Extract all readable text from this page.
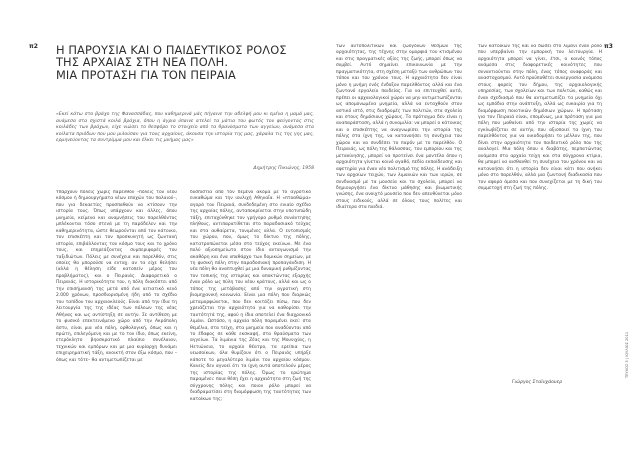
π2	π3
Η ΠΑΡΟΥΣΙΑ ΚΑΙ Ο ΠΑΙΔΕΥΤΙΚΟΣ ΡΟΛΟΣ
ΤΗΣ ΑΡΧΑΙΑΣ ΣΤΗ ΝΕΑ ΠΟΛΗ.
ΜΙΑ ΠΡΟΤΑΣΗ ΓΙΑ ΤΟΝ ΠΕΙΡΑΙΑ
«Εκεί κάτω στο βράχο της Φανασσάδας, που καθημερινά μάς πήγαινε την αδελφή μου κι εμένα η μαμά μας, ανάμεσα στα σχιστά κοιλά βράχια, όπου η άγρια ύπαινε ατελεί τα μάτια του φωτός του φεύγοντας στις κοιλάδες των βράχων, είχε νιώσει το θεσφόρο το στοιχείο από τα θρανύσματα των αγγείων, ανάμεσα στα κοίλατα πριόδων που μου μιλούσαν για τους αρχαίους, άκουσα την ιστορία της μας, χάραλα τις της γης μας, ερμηνεύοντας τα συντρίμμα μου και έλκει τις μνήμας μας»
Δημήτρης Πικιώνης, 1958

Υπάρχουν πόλεις χωρίς παρελθόν –πόλεις του νέου κόσμου ή δημιουργήματα νέων εποχών του παλαιού–, που για δεκαετίες προσπαθούν να κτίσουν την ιστορία τους. Όπως υπάρχουν και άλλες, όπου μνημεία, κείμενα και αναμνήσεις του παρελθόντος μπλέκονται τόσο στενά με τη παρόδελεν και την καθημερινότητα, ώστε θεωρούνται από τον κάτοικο, τον επισκέπτη και τον προσκυνητή ως ζωντανή ιστορία, επιβάλλοντας τον κόσμο τους και το χρόνο τους, και επηρεάζοντας συμπεριφορές του ταξιδιώτων. Πόλεις με συνέχεια και παρελθόν, στις οποίες θα μπορούσε να ενταχ. αν τα είχε θελήσει (αλλά η θέληση είδε κατοπείν μέρος του προβλήματος), και ο Πειραιάς. Διαφορετικά ο Πειραιάς. Η ιστορικότητα του, η πόλη διακόπτει από την επισήμανσή της μετά από ένα αιτιατικό κενό 2.000 χρόνων, προσδιορισμένη ήδη από το σχέδιο του ταπίδου του αρχαιοκλεούς. Είναι από την ίδια τη λειτουργία της της ιδέας των πόλεων της νέας Αθήνας και ως αντίστηξη σε αυτήν. Σε αντίθεση με το φυσικό επεκτεινόμενο χώρο από την Ακρόπολη άστυ, είναι μια νέα πόλη, ορθολογική, όπως και η πρώτη, επιλεγόμενη και με το τον ίδιο, όπως εκείνη, ετερόκλητο βηοσκρατικό πλαίσιο συνέλαιαν, τεχνικών και εμπόρων και με μια κυρίαρχη δυνάμει επιχειρηματική τάξη, ανοικτή στον έξω κόσμο, που –όπως και τότε– θα αντιμετωπίζεται με

δυσπιστία από τον δεμένο ακόμα με το αγροτικό ευκαθώμα και την ιουλιχή Αθηναΐα. Η «πτοαθώμα» αγορά του Πειραιά, συνδεδεμένη στο ενιαίο σχέδιο της αρχαίας πόλης, ανταποκρίνεται στην υποτυπώδη τάξη, επιταχύνθηκε τον γρήγορο ρυθμό συνάντησης πλήθους, αντιπαρατίθεται στο παραδοσιακό τεύχος και στα αυθαίρετα, τονιμένες αλλα. Ο εντοπισμός του χώρου, που, όμως το δίκτυο της πόλης, κατατροπώνεται μέσα στο τεύχος εκείνων. Με ένα πολύ αξιοσημείωτο στον ίδιο ανταγωνισμό την ακαθόρη και ένα υπαθάρχο των δομικών σημείων, με τη φυσική πόλη στην παραδοσιακή προπαγάνδιση. Η νέα πόλη θα αναπτυχθεί με μια δυναμική ρυθμίζοντας τον τοπικής της ιστορίας και αποκτώντας εξαρχής έναν ρόλο ως πύλη του νέου κράτους, αλλά και ως ο τόπος της μετάβασης από την αγροτική στη βιομηχανική κοινωνία. Είναι μια πόλη που διαρκώς μεταμορφώνεται, που δεν κοιτάζει πίσω, που δεν χρειάζεται την αρχαιότητα για να καθορίσει την ταυτότητά της, αφού η ίδια αποτελεί ένα διαχρονικό λιμάνι. Ωστόσο, η αρχαία πόλη παραμένει εκεί: στα θεμέλια, στα τείχη, στα μνημεία που αναδύονται από το έδαφος σε κάθε εκσκαφή, στα θραύσματα των αγγείων. Τα λιμάνια της Ζέας και της Μουνιχίας, η Ηετιώνεια, το αρχαίο θέατρο, τα ερείπια των νεωσοίκων, όλα θυμίζουν ότι ο Πειραιάς υπήρξε κάποτε το μεγαλύτερο λιμάνι του αρχαίου κόσμου. Κανείς δεν αγνοεί ότι τα ίχνη αυτά αποτελούν μέρος της ιστορίας της πόλης. Όμως το ερώτημα παραμένει: ποια θέση έχει η αρχαιότητα στη ζωή της σύγχρονης πόλης και ποιον ρόλο μπορεί να διαδραματίσει στη διαμόρφωση της ταυτότητας των κατοίκων της;

των αυτοπολιτικών και ζωογόνων θεσμών της αρχαιότητας, της τέχνης στην ομορφιά του κτισμένου και στις πραγματικές αξίες της ζωής, μπορεί όπως να συμβεί. Αυτό σημαίνει επικοινωνία με την πραγματικότητα, στη σχέση μεταξύ των ανθρώπων του τόπου και του χρόνου τους. Η αρχαιότητα δεν είναι μόνο η μνήμη ενός ένδοξου παρελθόντος αλλά και ένα ζωντανό εργαλείο παιδείας. Για να επιτευχθεί αυτό, πρέπει οι αρχαιολογικοί χώροι να μην αντιμετωπίζονται ως απομονωμένα μνημεία, αλλά να ενταχθούν στον αστικό ιστό, στις διαδρομές των πολιτών, στα σχολεία και στους δημόσιους χώρους. Το πρόταγμα δεν είναι η αναπαράσταση, αλλά η συνομιλία: να μπορεί ο κάτοικος και ο επισκέπτης να αναγνωρίσει την ιστορία της πόλης στα ίχνη της, να κατανοήσει τη συνέχεια του χώρου και να συνδέσει το παρόν με το παρελθόν. Ο Πειραιάς, ως πόλη της θάλασσας, του εμπορίου και της μετακίνησης, μπορεί να προτείνει ένα μοντέλο όπου η αρχαιότητα γίνεται κοινό αγαθό, πεδίο εκπαίδευσης και αφετηρία για έναν νέο πολιτισμό της πόλης. Η ανάδειξη των αρχαίων τειχών, των λιμανιών και των ιερών, σε συνδυασμό με τα μουσεία και τα σχολεία, μπορεί να δημιουργήσει ένα δίκτυο μάθησης και βιωματικής γνώσης, ένα ανοιχτό μουσείο που δεν απευθύνεται μόνο στους ειδικούς, αλλά σε όλους τους πολίτες και ιδιαίτερα στα παιδιά.

των κατοίκων της και να δώσει στο λιμάνι έναν ρόλο που υπερβαίνει την εμπορική του λειτουργία. Η αρχαιότητα μπορεί να γίνει, έτσι, ο κοινός τόπος ανάμεσα στις διαφορετικές κοινότητες που συναντιούνται στην πόλη, ένας τόπος αναφοράς και αναστοχασμού. Αυτό προϋποθέτει συνεργασία ανάμεσα στους φορείς του δήμου, της αρχαιολογικής υπηρεσίας, των σχολείων και των πολιτών, καθώς και έναν σχεδιασμό που θα αντιμετωπίζει τα μνημεία όχι ως εμπόδια στην ανάπτυξη, αλλά ως ευκαιρία για τη διαμόρφωση ποιοτικών δημόσιων χώρων. Η πρόταση για τον Πειραιά είναι, επομένως, μια πρόταση για μια πόλη που μαθαίνει από την ιστορία της χωρίς να εγκλωβίζεται σε αυτήν, που αξιοποιεί τα ίχνη του παρελθόντος για να οικοδομήσει το μέλλον της, που δίνει στην αρχαιότητα τον παιδευτικό ρόλο που της αναλογεί. Μια πόλη όπου ο διαβάτης, περπατώντας ανάμεσα στα αρχαία τείχη και στα σύγχρονα κτίρια, θα μπορεί να αισθανθεί τη συνέχεια του χρόνου και να κατανοήσει ότι η ιστορία δεν είναι κάτι που ανήκει μόνο στο παρελθόν, αλλά μια ζωντανή διαδικασία που τον αφορά άμεσα και που συνεχίζεται με τη δική του συμμετοχή στη ζωή της πόλης.

Γιώργος Σταϊνχάουερ
ΤΕΥΧΟΣ 3 | ΙΟΥΛΙΟΣ 2011
